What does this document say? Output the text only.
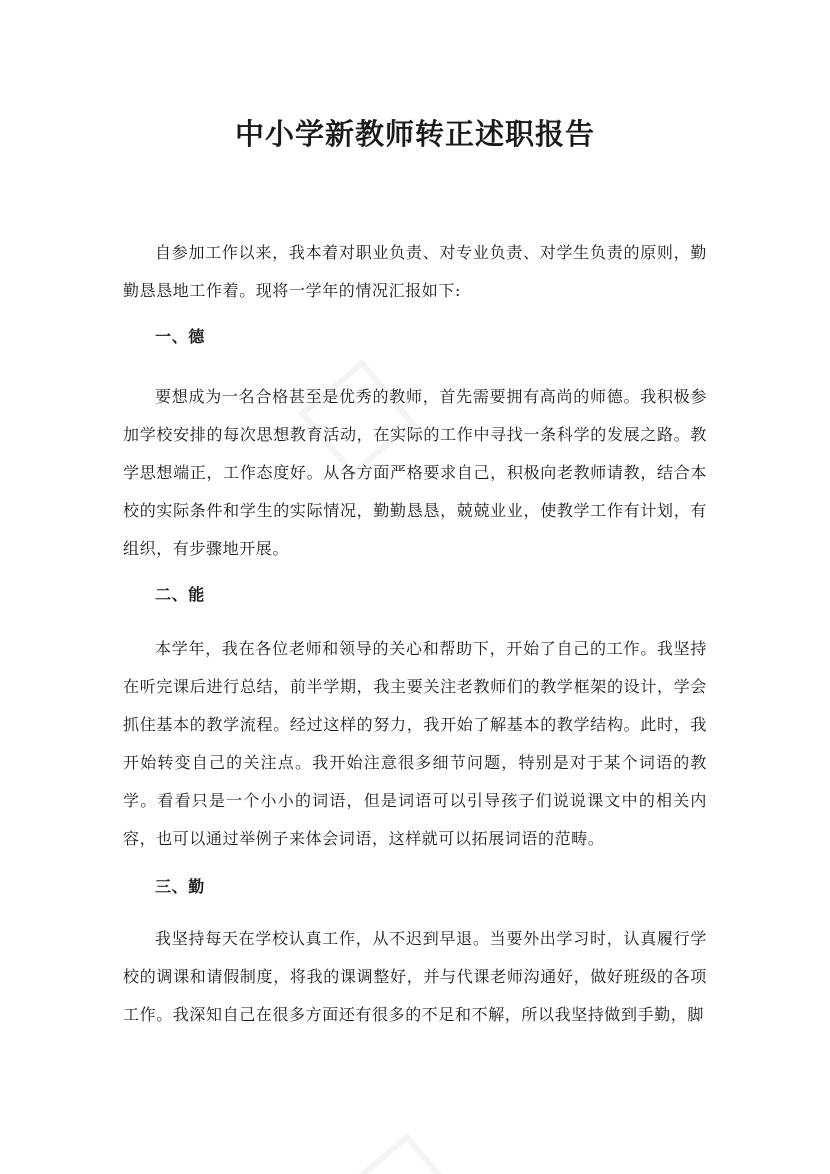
中小学新教师转正述职报告

自参加工作以来，我本着对职业负责、对专业负责、对学生负责的原则，勤勤恳恳地工作着。现将一学年的情况汇报如下:

一、德

要想成为一名合格甚至是优秀的教师，首先需要拥有高尚的师德。我积极参加学校安排的每次思想教育活动，在实际的工作中寻找一条科学的发展之路。教学思想端正，工作态度好。从各方面严格要求自己，积极向老教师请教，结合本校的实际条件和学生的实际情况，勤勤恳恳，兢兢业业，使教学工作有计划，有组织，有步骤地开展。

二、能

本学年，我在各位老师和领导的关心和帮助下，开始了自己的工作。我坚持在听完课后进行总结，前半学期，我主要关注老教师们的教学框架的设计，学会抓住基本的教学流程。经过这样的努力，我开始了解基本的教学结构。此时，我开始转变自己的关注点。我开始注意很多细节问题，特别是对于某个词语的教学。看看只是一个小小的词语，但是词语可以引导孩子们说说课文中的相关内容，也可以通过举例子来体会词语，这样就可以拓展词语的范畴。

三、勤

我坚持每天在学校认真工作，从不迟到早退。当要外出学习时，认真履行学校的调课和请假制度，将我的课调整好，并与代课老师沟通好，做好班级的各项工作。我深知自己在很多方面还有很多的不足和不解，所以我坚持做到手勤，脚
